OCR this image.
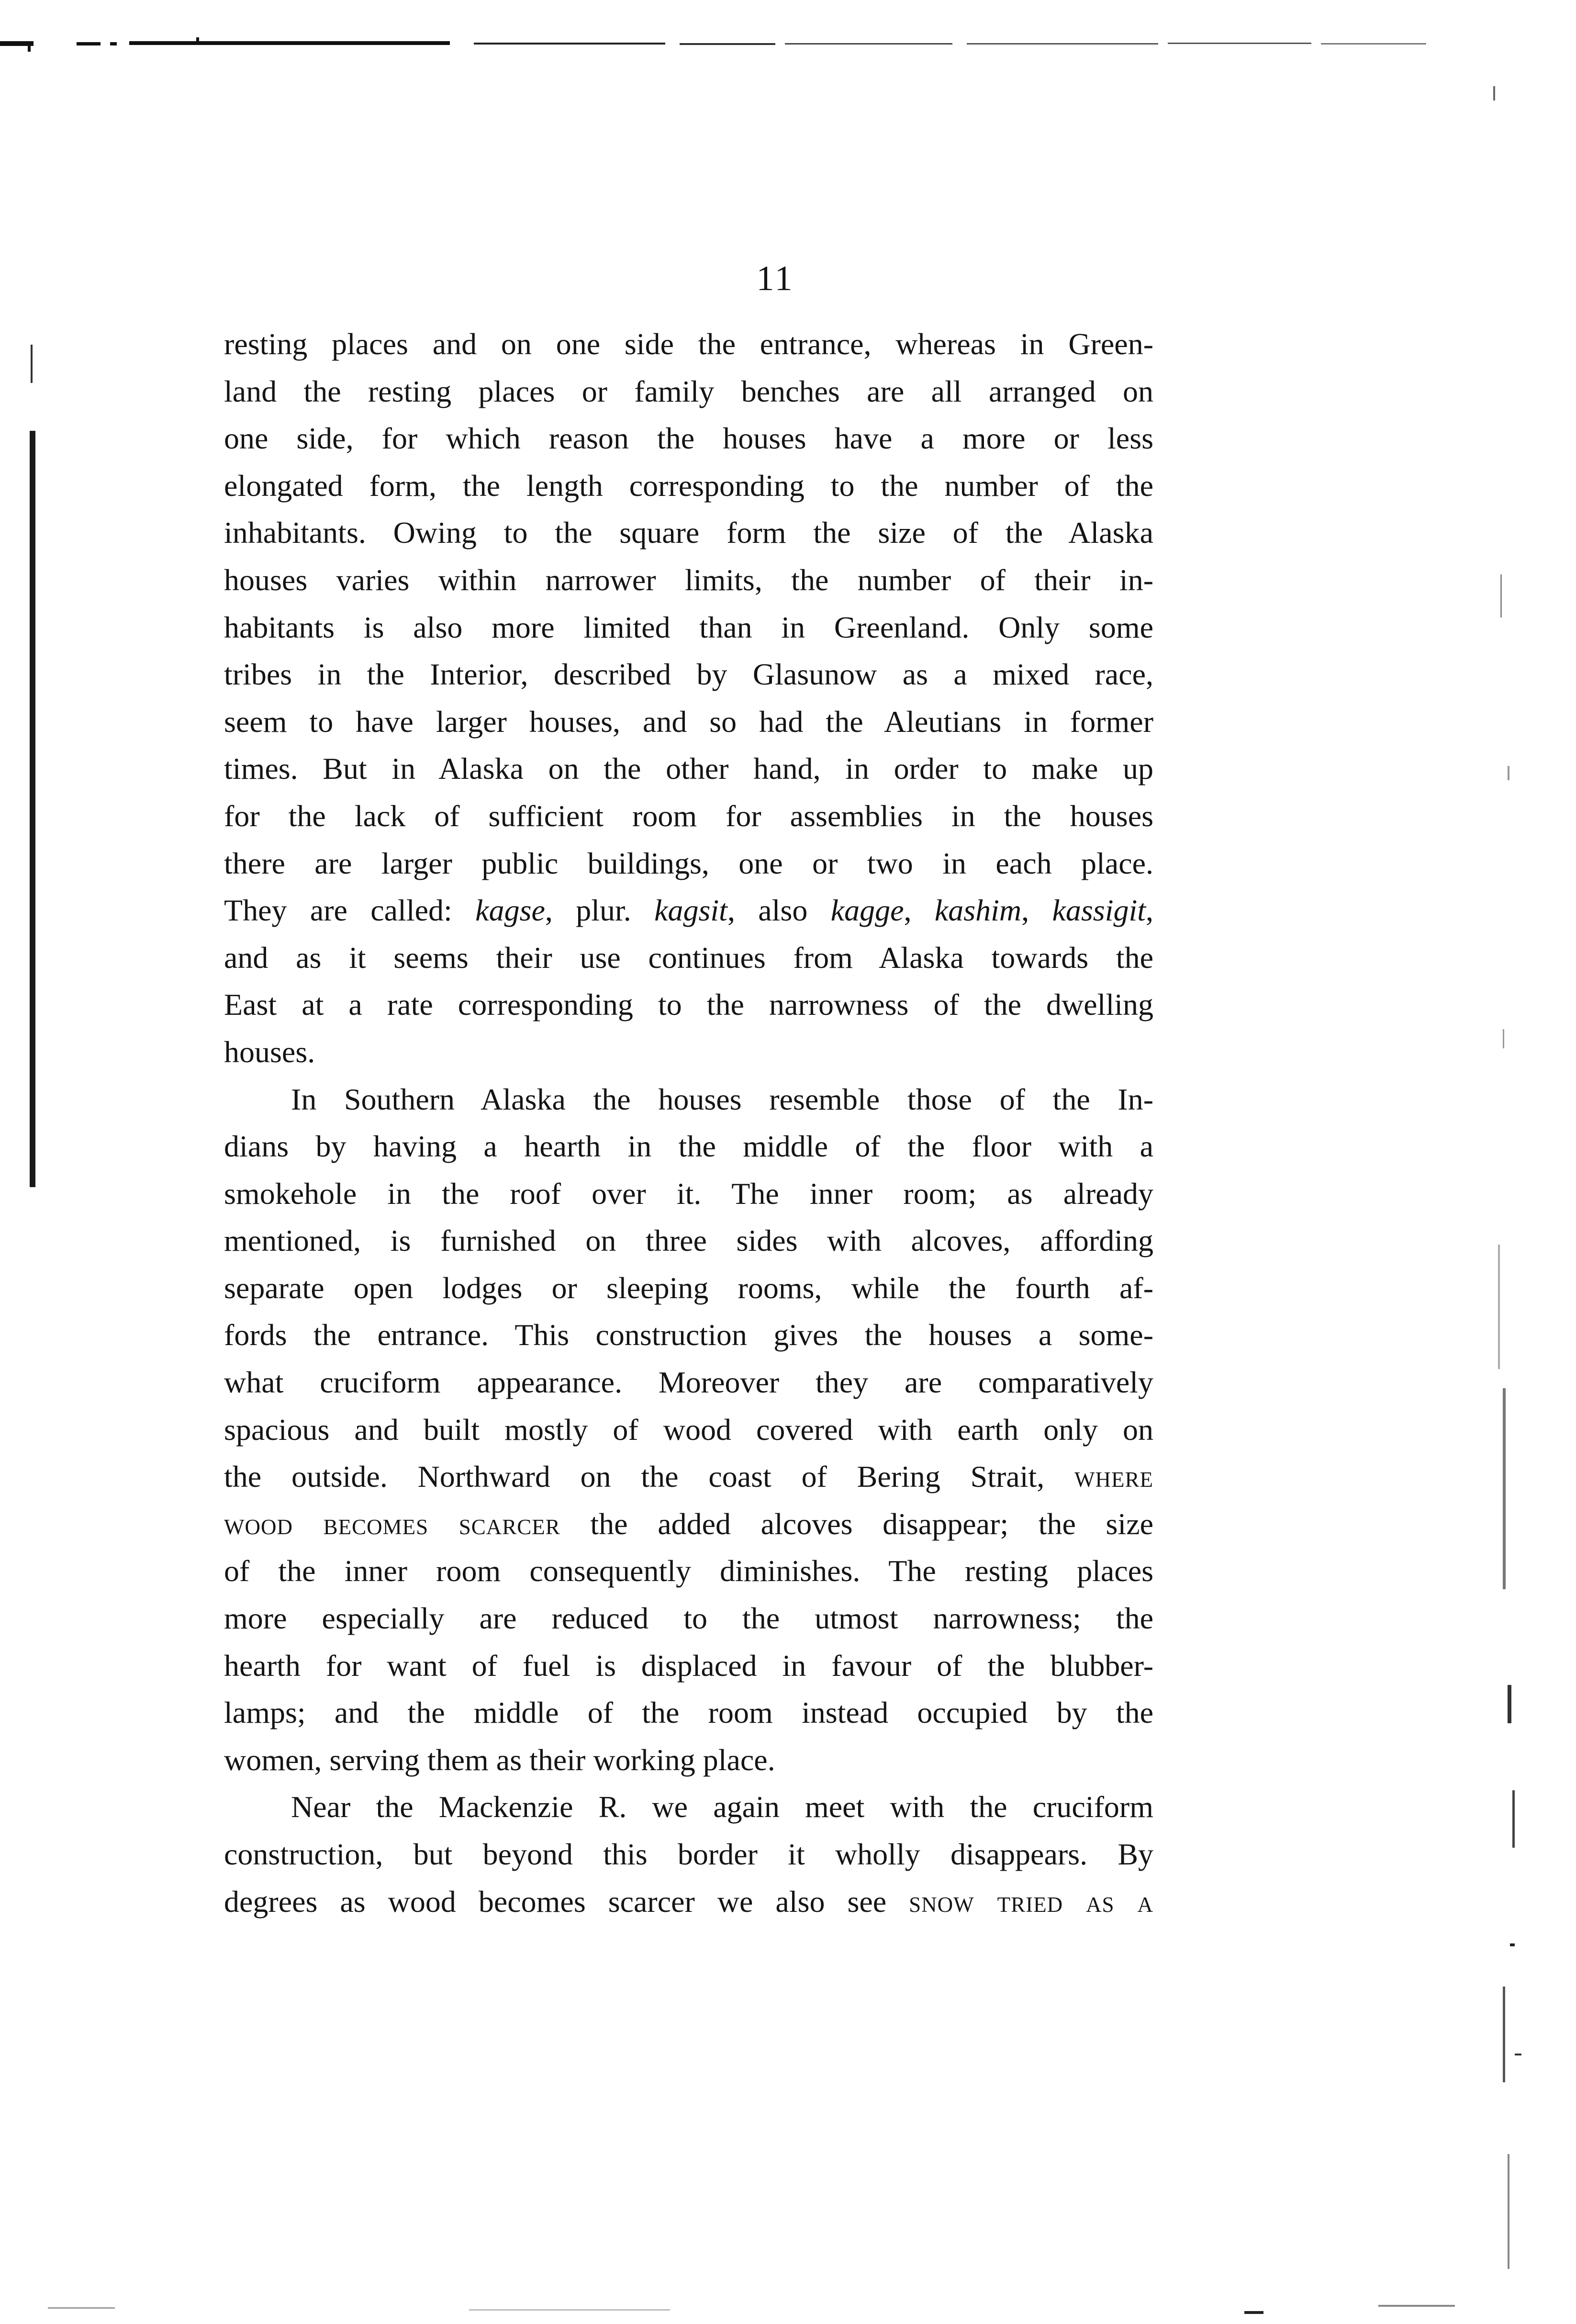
11

resting places and on one side the entrance, whereas in Green-
land the resting places or family benches are all arranged on
one side, for which reason the houses have a more or less
elongated form, the length corresponding to the number of the
inhabitants. Owing to the square form the size of the Alaska
houses varies within narrower limits, the number of their in-
habitants is also more limited than in Greenland. Only some
tribes in the Interior, described by Glasunow as a mixed race,
seem to have larger houses, and so had the Aleutians in former
times. But in Alaska on the other hand, in order to make up
for the lack of sufficient room for assemblies in the houses
there are larger public buildings, one or two in each place.
They are called: kagse, plur. kagsit, also kagge, kashim, kassigit,
and as it seems their use continues from Alaska towards the
East at a rate corresponding to the narrowness of the dwelling
houses.

In Southern Alaska the houses resemble those of the In-
dians by having a hearth in the middle of the floor with a
smokehole in the roof over it. The inner room; as already
mentioned, is furnished on three sides with alcoves, affording
separate open lodges or sleeping rooms, while the fourth af-
fords the entrance. This construction gives the houses a some-
what cruciform appearance. Moreover they are comparatively
spacious and built mostly of wood covered with earth only on
the outside. Northward on the coast of Bering Strait, where
wood becomes scarcer the added alcoves disappear; the size
of the inner room consequently diminishes. The resting places
more especially are reduced to the utmost narrowness; the
hearth for want of fuel is displaced in favour of the blubber-
lamps; and the middle of the room instead occupied by the
women, serving them as their working place.

Near the Mackenzie R. we again meet with the cruciform
construction, but beyond this border it wholly disappears. By
degrees as wood becomes scarcer we also see snow tried as a
